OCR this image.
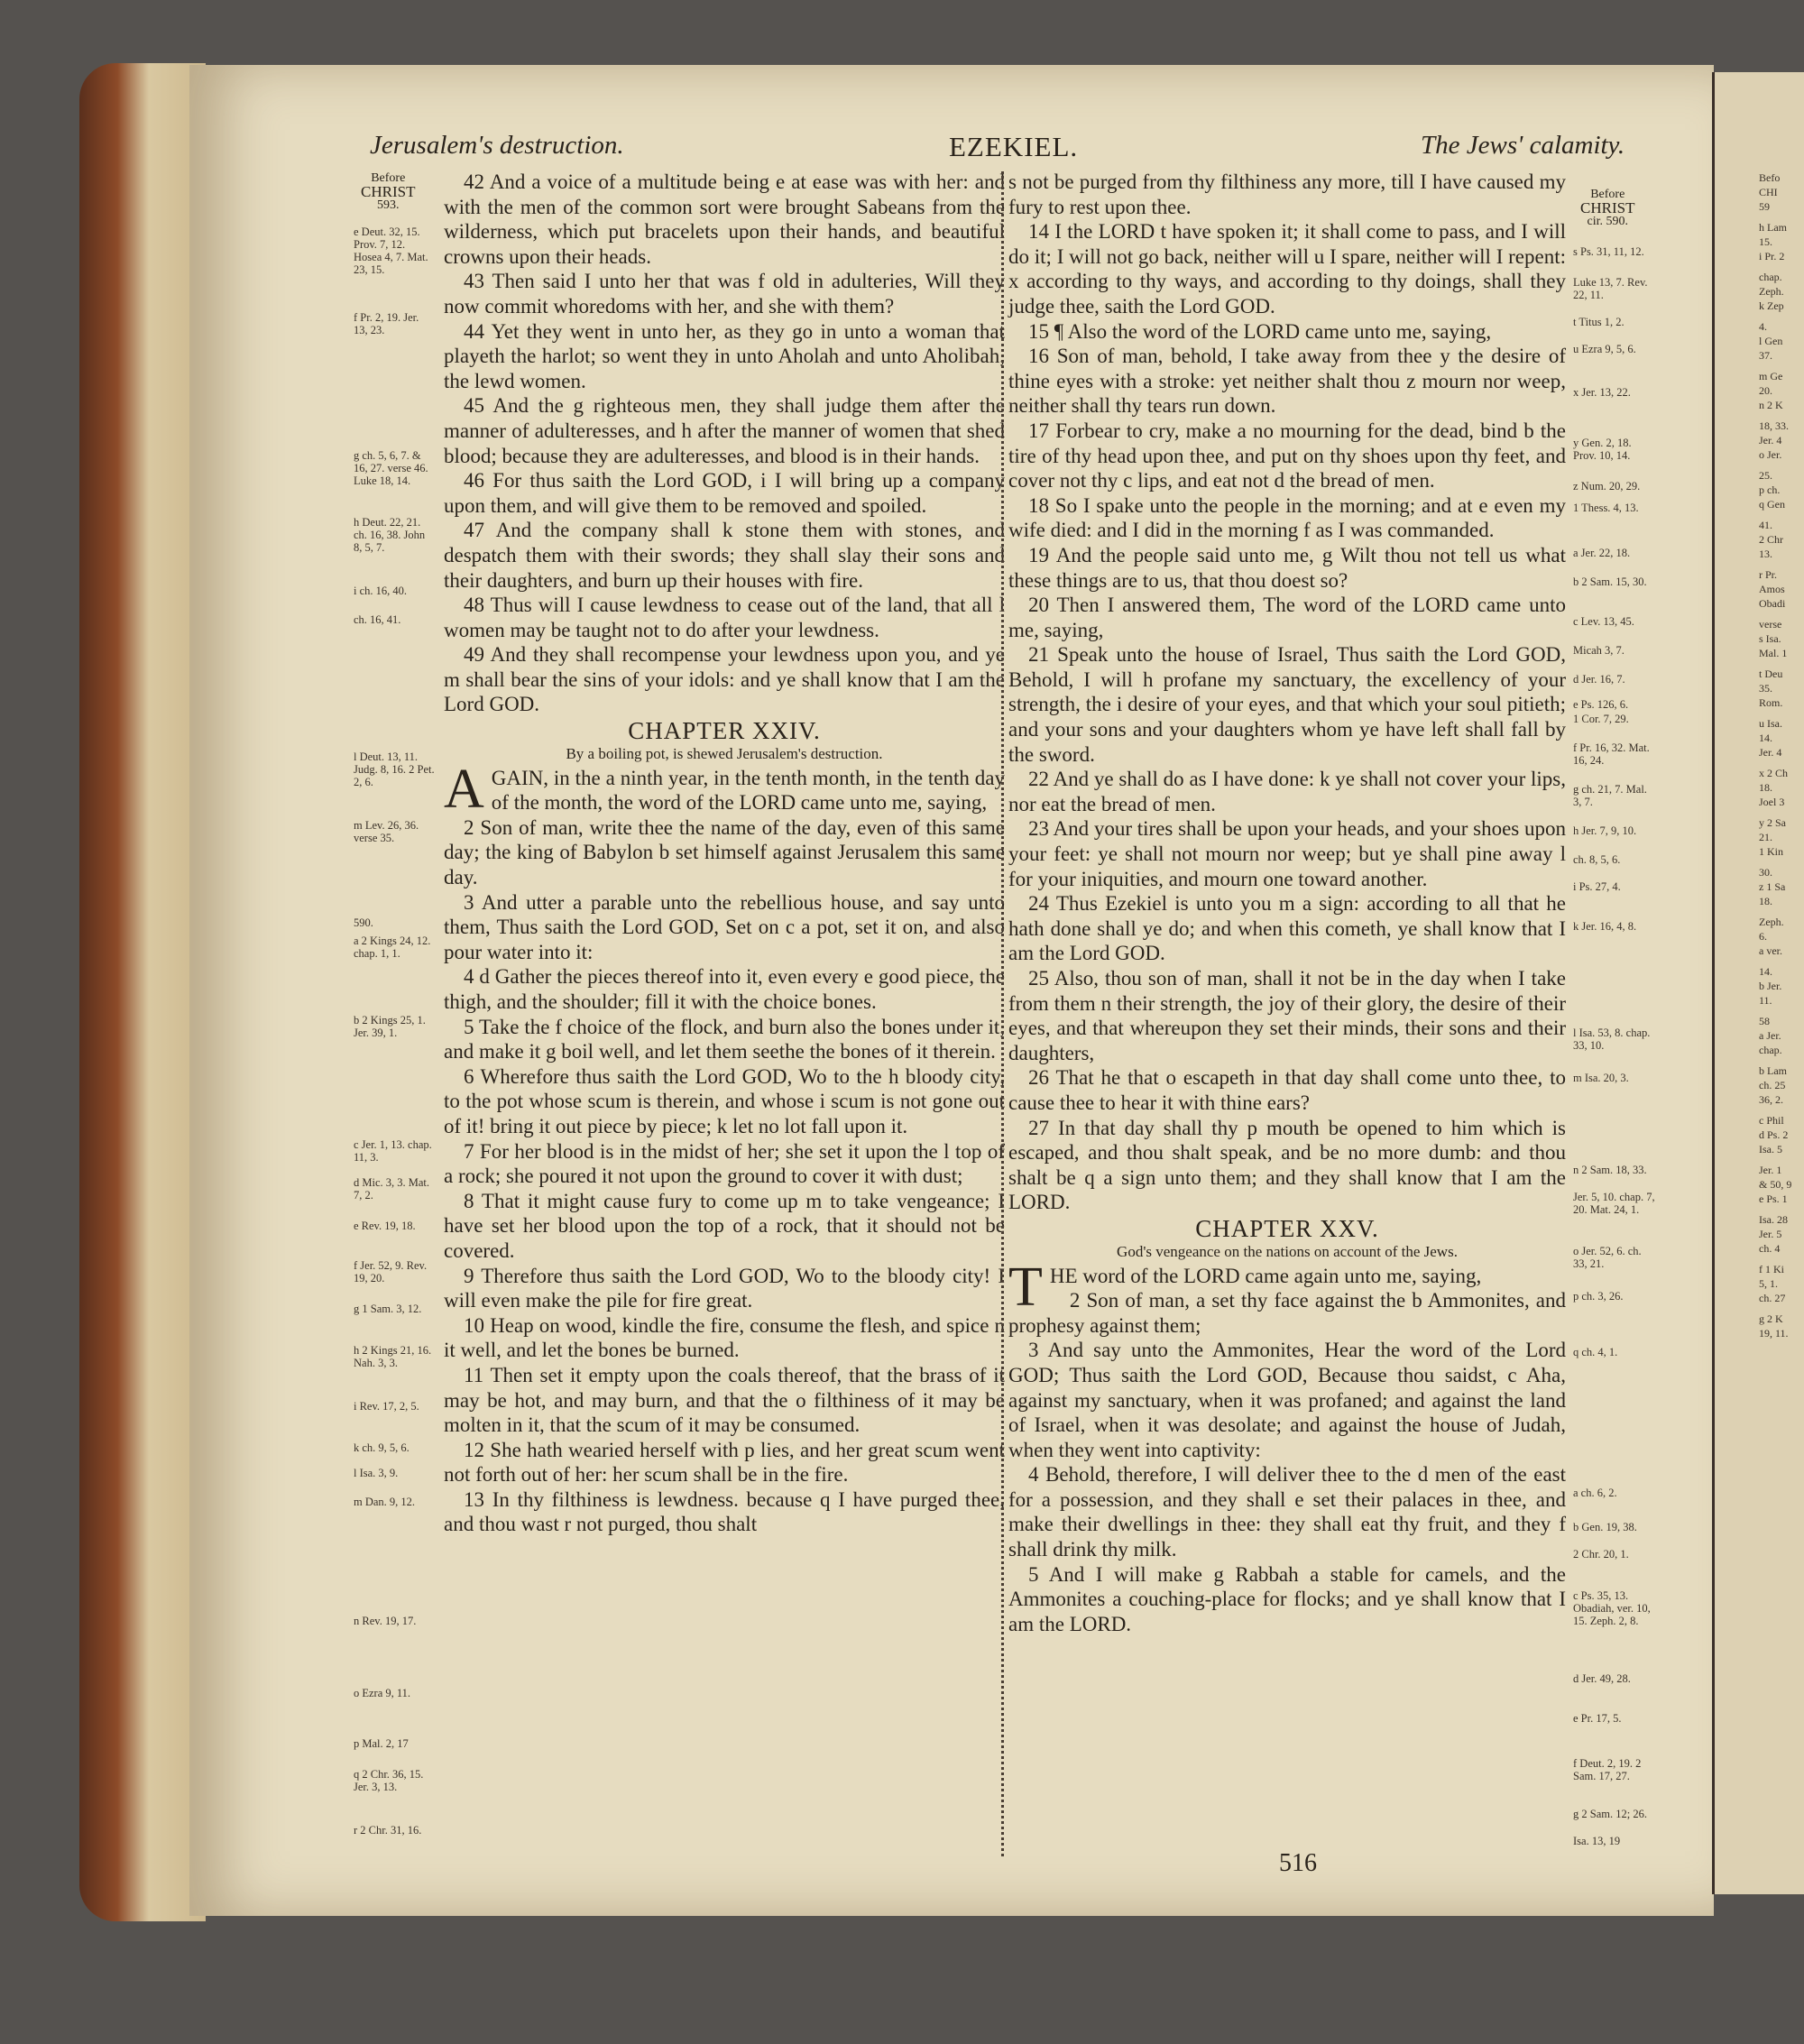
Jerusalem's destruction.	EZEKIEL.	The Jews' calamity.
Before
CHRIST
593.
Before
CHRIST
cir. 590.
e Deut. 32, 15. Prov. 7, 12. Hosea 4, 7. Mat. 23, 15.
f Pr. 2, 19. Jer. 13, 23.
g ch. 5, 6, 7. & 16, 27. verse 46. Luke 18, 14.
h Deut. 22, 21. ch. 16, 38. John 8, 5, 7.
i ch. 16, 40.
ch. 16, 41.
l Deut. 13, 11. Judg. 8, 16. 2 Pet. 2, 6.
m Lev. 26, 36. verse 35.
590.
a 2 Kings 24, 12. chap. 1, 1.
b 2 Kings 25, 1. Jer. 39, 1.
c Jer. 1, 13. chap. 11, 3.
d Mic. 3, 3. Mat. 7, 2.
e Rev. 19, 18.
f Jer. 52, 9. Rev. 19, 20.
g 1 Sam. 3, 12.
h 2 Kings 21, 16. Nah. 3, 3.
i Rev. 17, 2, 5.
k ch. 9, 5, 6.
l Isa. 3, 9.
m Dan. 9, 12.
n Rev. 19, 17.
o Ezra 9, 11.
p Mal. 2, 17
q 2 Chr. 36, 15. Jer. 3, 13.
r 2 Chr. 31, 16.
s Ps. 31, 11, 12.
Luke 13, 7. Rev. 22, 11.
t Titus 1, 2.
u Ezra 9, 5, 6.
x Jer. 13, 22.
y Gen. 2, 18. Prov. 10, 14.
z Num. 20, 29.
1 Thess. 4, 13.
a Jer. 22, 18.
b 2 Sam. 15, 30.
c Lev. 13, 45.
Micah 3, 7.
d Jer. 16, 7.
e Ps. 126, 6.
1 Cor. 7, 29.
f Pr. 16, 32. Mat. 16, 24.
g ch. 21, 7. Mal. 3, 7.
h Jer. 7, 9, 10.
ch. 8, 5, 6.
i Ps. 27, 4.
k Jer. 16, 4, 8.
l Isa. 53, 8. chap. 33, 10.
m Isa. 20, 3.
n 2 Sam. 18, 33.
Jer. 5, 10. chap. 7, 20. Mat. 24, 1.
o Jer. 52, 6. ch. 33, 21.
p ch. 3, 26.
q ch. 4, 1.
a ch. 6, 2.
b Gen. 19, 38.
2 Chr. 20, 1.
c Ps. 35, 13. Obadiah, ver. 10, 15. Zeph. 2, 8.
d Jer. 49, 28.
e Pr. 17, 5.
f Deut. 2, 19. 2 Sam. 17, 27.
g 2 Sam. 12; 26.
Isa. 13, 19

42 And a voice of a multitude being e at ease was with her: and with the men of the common sort were brought Sabeans from the wilderness, which put bracelets upon their hands, and beautiful crowns upon their heads.

43 Then said I unto her that was f old in adulteries, Will they now commit whoredoms with her, and she with them?

44 Yet they went in unto her, as they go in unto a woman that playeth the harlot; so went they in unto Aholah and unto Aholibah, the lewd women.

45 And the g righteous men, they shall judge them after the manner of adulteresses, and h after the manner of women that shed blood; because they are adulteresses, and blood is in their hands.

46 For thus saith the Lord GOD, i I will bring up a company upon them, and will give them to be removed and spoiled.

47 And the company shall k stone them with stones, and despatch them with their swords; they shall slay their sons and their daughters, and burn up their houses with fire.

48 Thus will I cause lewdness to cease out of the land, that all l women may be taught not to do after your lewdness.

49 And they shall recompense your lewdness upon you, and ye m shall bear the sins of your idols: and ye shall know that I am the Lord GOD.

CHAPTER XXIV.
By a boiling pot, is shewed Jerusalem's destruction.

AGAIN, in the a ninth year, in the tenth month, in the tenth day of the month, the word of the LORD came unto me, saying,

2 Son of man, write thee the name of the day, even of this same day; the king of Babylon b set himself against Jerusalem this same day.

3 And utter a parable unto the rebellious house, and say unto them, Thus saith the Lord GOD, Set on c a pot, set it on, and also pour water into it:

4 d Gather the pieces thereof into it, even every e good piece, the thigh, and the shoulder; fill it with the choice bones.

5 Take the f choice of the flock, and burn also the bones under it, and make it g boil well, and let them seethe the bones of it therein.

6 Wherefore thus saith the Lord GOD, Wo to the h bloody city, to the pot whose scum is therein, and whose i scum is not gone out of it! bring it out piece by piece; k let no lot fall upon it.

7 For her blood is in the midst of her; she set it upon the l top of a rock; she poured it not upon the ground to cover it with dust;

8 That it might cause fury to come up m to take vengeance; I have set her blood upon the top of a rock, that it should not be covered.

9 Therefore thus saith the Lord GOD, Wo to the bloody city! I will even make the pile for fire great.

10 Heap on wood, kindle the fire, consume the flesh, and spice n it well, and let the bones be burned.

11 Then set it empty upon the coals thereof, that the brass of it may be hot, and may burn, and that the o filthiness of it may be molten in it, that the scum of it may be consumed.

12 She hath wearied herself with p lies, and her great scum went not forth out of her: her scum shall be in the fire.

13 In thy filthiness is lewdness. because q I have purged thee, and thou wast r not purged, thou shalt

s not be purged from thy filthiness any more, till I have caused my fury to rest upon thee.

14 I the LORD t have spoken it; it shall come to pass, and I will do it; I will not go back, neither will u I spare, neither will I repent: x according to thy ways, and according to thy doings, shall they judge thee, saith the Lord GOD.

15 ¶ Also the word of the LORD came unto me, saying,

16 Son of man, behold, I take away from thee y the desire of thine eyes with a stroke: yet neither shalt thou z mourn nor weep, neither shall thy tears run down.

17 Forbear to cry, make a no mourning for the dead, bind b the tire of thy head upon thee, and put on thy shoes upon thy feet, and cover not thy c lips, and eat not d the bread of men.

18 So I spake unto the people in the morning; and at e even my wife died: and I did in the morning f as I was commanded.

19 And the people said unto me, g Wilt thou not tell us what these things are to us, that thou doest so?

20 Then I answered them, The word of the LORD came unto me, saying,

21 Speak unto the house of Israel, Thus saith the Lord GOD, Behold, I will h profane my sanctuary, the excellency of your strength, the i desire of your eyes, and that which your soul pitieth; and your sons and your daughters whom ye have left shall fall by the sword.

22 And ye shall do as I have done: k ye shall not cover your lips, nor eat the bread of men.

23 And your tires shall be upon your heads, and your shoes upon your feet: ye shall not mourn nor weep; but ye shall pine away l for your iniquities, and mourn one toward another.

24 Thus Ezekiel is unto you m a sign: according to all that he hath done shall ye do; and when this cometh, ye shall know that I am the Lord GOD.

25 Also, thou son of man, shall it not be in the day when I take from them n their strength, the joy of their glory, the desire of their eyes, and that whereupon they set their minds, their sons and their daughters,

26 That he that o escapeth in that day shall come unto thee, to cause thee to hear it with thine ears?

27 In that day shall thy p mouth be opened to him which is escaped, and thou shalt speak, and be no more dumb: and thou shalt be q a sign unto them; and they shall know that I am the LORD.

CHAPTER XXV.
God's vengeance on the nations on account of the Jews.

THE word of the LORD came again unto me, saying,

2 Son of man, a set thy face against the b Ammonites, and prophesy against them;

3 And say unto the Ammonites, Hear the word of the Lord GOD; Thus saith the Lord GOD, Because thou saidst, c Aha, against my sanctuary, when it was profaned; and against the land of Israel, when it was desolate; and against the house of Judah, when they went into captivity:

4 Behold, therefore, I will deliver thee to the d men of the east for a possession, and they shall e set their palaces in thee, and make their dwellings in thee: they shall eat thy fruit, and they f shall drink thy milk.

5 And I will make g Rabbah a stable for camels, and the Ammonites a couching-place for flocks; and ye shall know that I am the LORD.

Befo
CHI
59
h Lam
15.
i Pr. 2
chap.
Zeph.
k Zep
4.
l Gen
37.
m Ge
20.
n 2 K
18, 33.
Jer. 4
o Jer.
25.
p ch.
q Gen
41.
2 Chr
13.
r Pr.
Amos
Obadi
verse
s Isa.
Mal. 1
t Deu
35.
Rom.
u Isa.
14.
Jer. 4
x 2 Ch
18.
Joel 3
y 2 Sa
21.
1 Kin
30.
z 1 Sa
18.
Zeph.
6.
a ver.
14.
b Jer.
11.
58
a Jer.
chap.
b Lam
ch. 25
36, 2.
c Phil
d Ps. 2
Isa. 5
Jer. 1
& 50, 9
e Ps. 1
Isa. 28
Jer. 5
ch. 4
f 1 Ki
5, 1.
ch. 27
g 2 K
19, 11.
516
